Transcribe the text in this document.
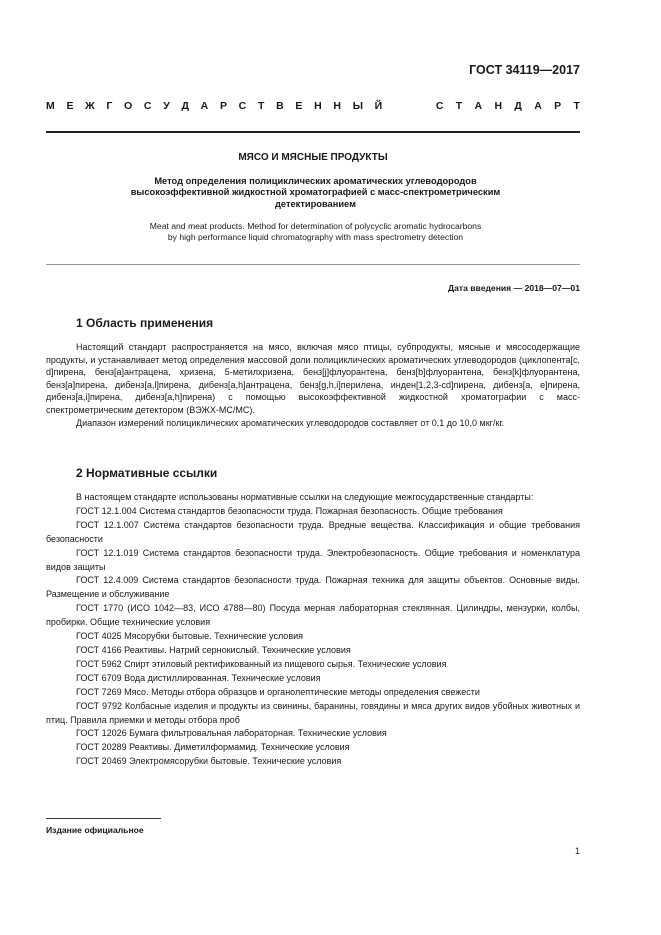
ГОСТ 34119—2017
М Е Ж Г О С У Д А Р С Т В Е Н Н Ы Й	С Т А Н Д А Р Т
МЯСО И МЯСНЫЕ ПРОДУКТЫ
Метод определения полициклических ароматических углеводородов
высокоэффективной жидкостной хроматографией с масс-спектрометрическим
детектированием
Meat and meat products. Method for determination of polycyclic aromatic hydrocarbons
by high performance liquid chromatography with mass spectrometry detection
Дата введения — 2018—07—01
1 Область применения

Настоящий стандарт распространяется на мясо, включая мясо птицы, субпродукты, мясные и мясосодержащие продукты, и устанавливает метод определения массовой доли полициклических ароматических углеводородов (циклопента[c, d]пирена, бенз[a]антрацена, хризена, 5-метилхризена, бенз[j]флуорантена, бенз[b]флуорантена, бенз[k]флуорантена, бенз[a]пирена, дибенз[a,l]пирена, дибенз[a,h]антрацена, бенз[g,h,i]перилена, инден[1,2,3-cd]пирена, дибенз[a, e]пирена, дибенз[a,i]пирена, дибенз[a,h]пирена) с помощью высокоэффективной жидкостной хроматографии с масс-спектрометрическим детектором (ВЭЖХ-МС/МС).

Диапазон измерений полициклических ароматических углеводородов составляет от 0,1 до 10,0 мкг/кг.

2 Нормативные ссылки

В настоящем стандарте использованы нормативные ссылки на следующие межгосударственные стандарты:

ГОСТ 12.1.004 Система стандартов безопасности труда. Пожарная безопасность. Общие требования

ГОСТ 12.1.007 Система стандартов безопасности труда. Вредные вещества. Классификация и общие требования безопасности

ГОСТ 12.1.019 Система стандартов безопасности труда. Электробезопасность. Общие требования и номенклатура видов защиты

ГОСТ 12.4.009 Система стандартов безопасности труда. Пожарная техника для защиты объектов. Основные виды. Размещение и обслуживание

ГОСТ 1770 (ИСО 1042—83, ИСО 4788—80) Посуда мерная лабораторная стеклянная. Цилиндры, мензурки, колбы, пробирки. Общие технические условия

ГОСТ 4025 Мясорубки бытовые. Технические условия

ГОСТ 4166 Реактивы. Натрий сернокислый. Технические условия

ГОСТ 5962 Спирт этиловый ректификованный из пищевого сырья. Технические условия

ГОСТ 6709 Вода дистиллированная. Технические условия

ГОСТ 7269 Мясо. Методы отбора образцов и органолептические методы определения свежести

ГОСТ 9792 Колбасные изделия и продукты из свинины, баранины, говядины и мяса других видов убойных животных и птиц. Правила приемки и методы отбора проб

ГОСТ 12026 Бумага фильтровальная лабораторная. Технические условия

ГОСТ 20289 Реактивы. Диметилформамид. Технические условия

ГОСТ 20469 Электромясорубки бытовые. Технические условия

Издание официальное
1
